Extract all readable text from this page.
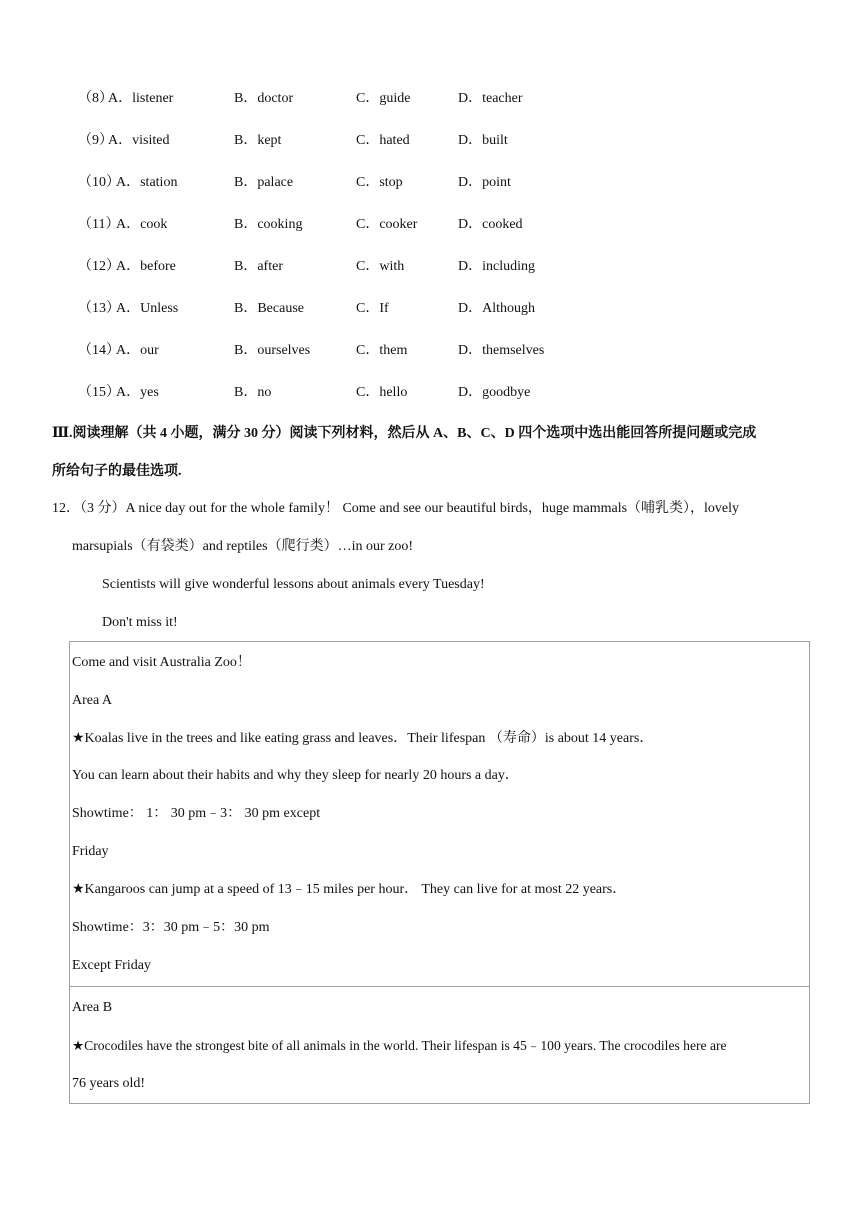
（8）
A．listener	B．doctor	C．guide	D．teacher
（9）
A．visited	B．kept	C．hated	D．built
（10）
A．station	B．palace	C．stop	D．point
（11）
A．cook	B．cooking	C．cooker	D．cooked
（12）
A．before	B．after	C．with	D．including
（13）
A．Unless	B．Because	C．If	D．Although
（14）
A．our	B．ourselves	C．them	D．themselves
（15）
A．yes	B．no	C．hello	D．goodbye
Ⅲ.阅读理解（共 4 小题，满分 30 分）阅读下列材料，然后从 A、B、C、D 四个选项中选出能回答所提问题或完成
所给句子的最佳选项.
12．（3 分）A nice day out for the whole family！ Come and see our beautiful birds，huge mammals（哺乳类），lovely
marsupials（有袋类）and reptiles（爬行类）…in our zoo!
Scientists will give wonderful lessons about animals every Tuesday!
Don't miss it!
Come and visit Australia Zoo！
Area A
★Koalas live in the trees and like eating grass and leaves．Their lifespan （寿命）is about 14 years．
You can learn about their habits and why they sleep for nearly 20 hours a day．
Showtime： 1： 30 pm﹣3： 30 pm except
Friday
★Kangaroos can jump at a speed of 13﹣15 miles per hour． They can live for at most 22 years．
Showtime：3：30 pm﹣5：30 pm
Except Friday
Area B
★Crocodiles have the strongest bite of all animals in the world. Their lifespan is 45﹣100 years. The crocodiles here are
76 years old!
